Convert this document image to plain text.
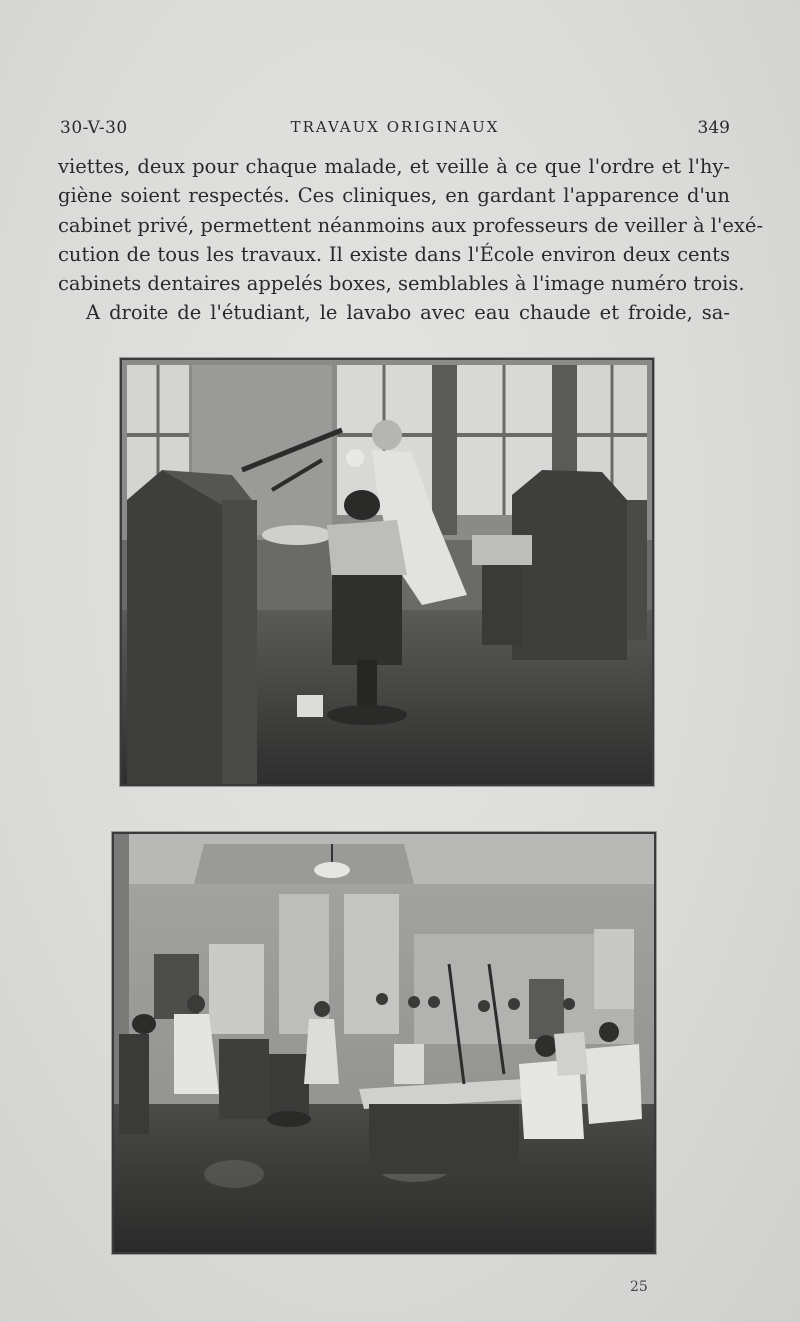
30-V-30	TRAVAUX ORIGINAUX	349
viettes, deux pour chaque malade, et veille à ce que l'ordre et l'hy-
giène soient respectés. Ces cliniques, en gardant l'apparence d'un
cabinet privé, permettent néanmoins aux professeurs de veiller à l'exé-
cution de tous les travaux. Il existe dans l'École environ deux cents
cabinets dentaires appelés boxes, semblables à l'image numéro trois.
A droite de l'étudiant, le lavabo avec eau chaude et froide, sa-
25
